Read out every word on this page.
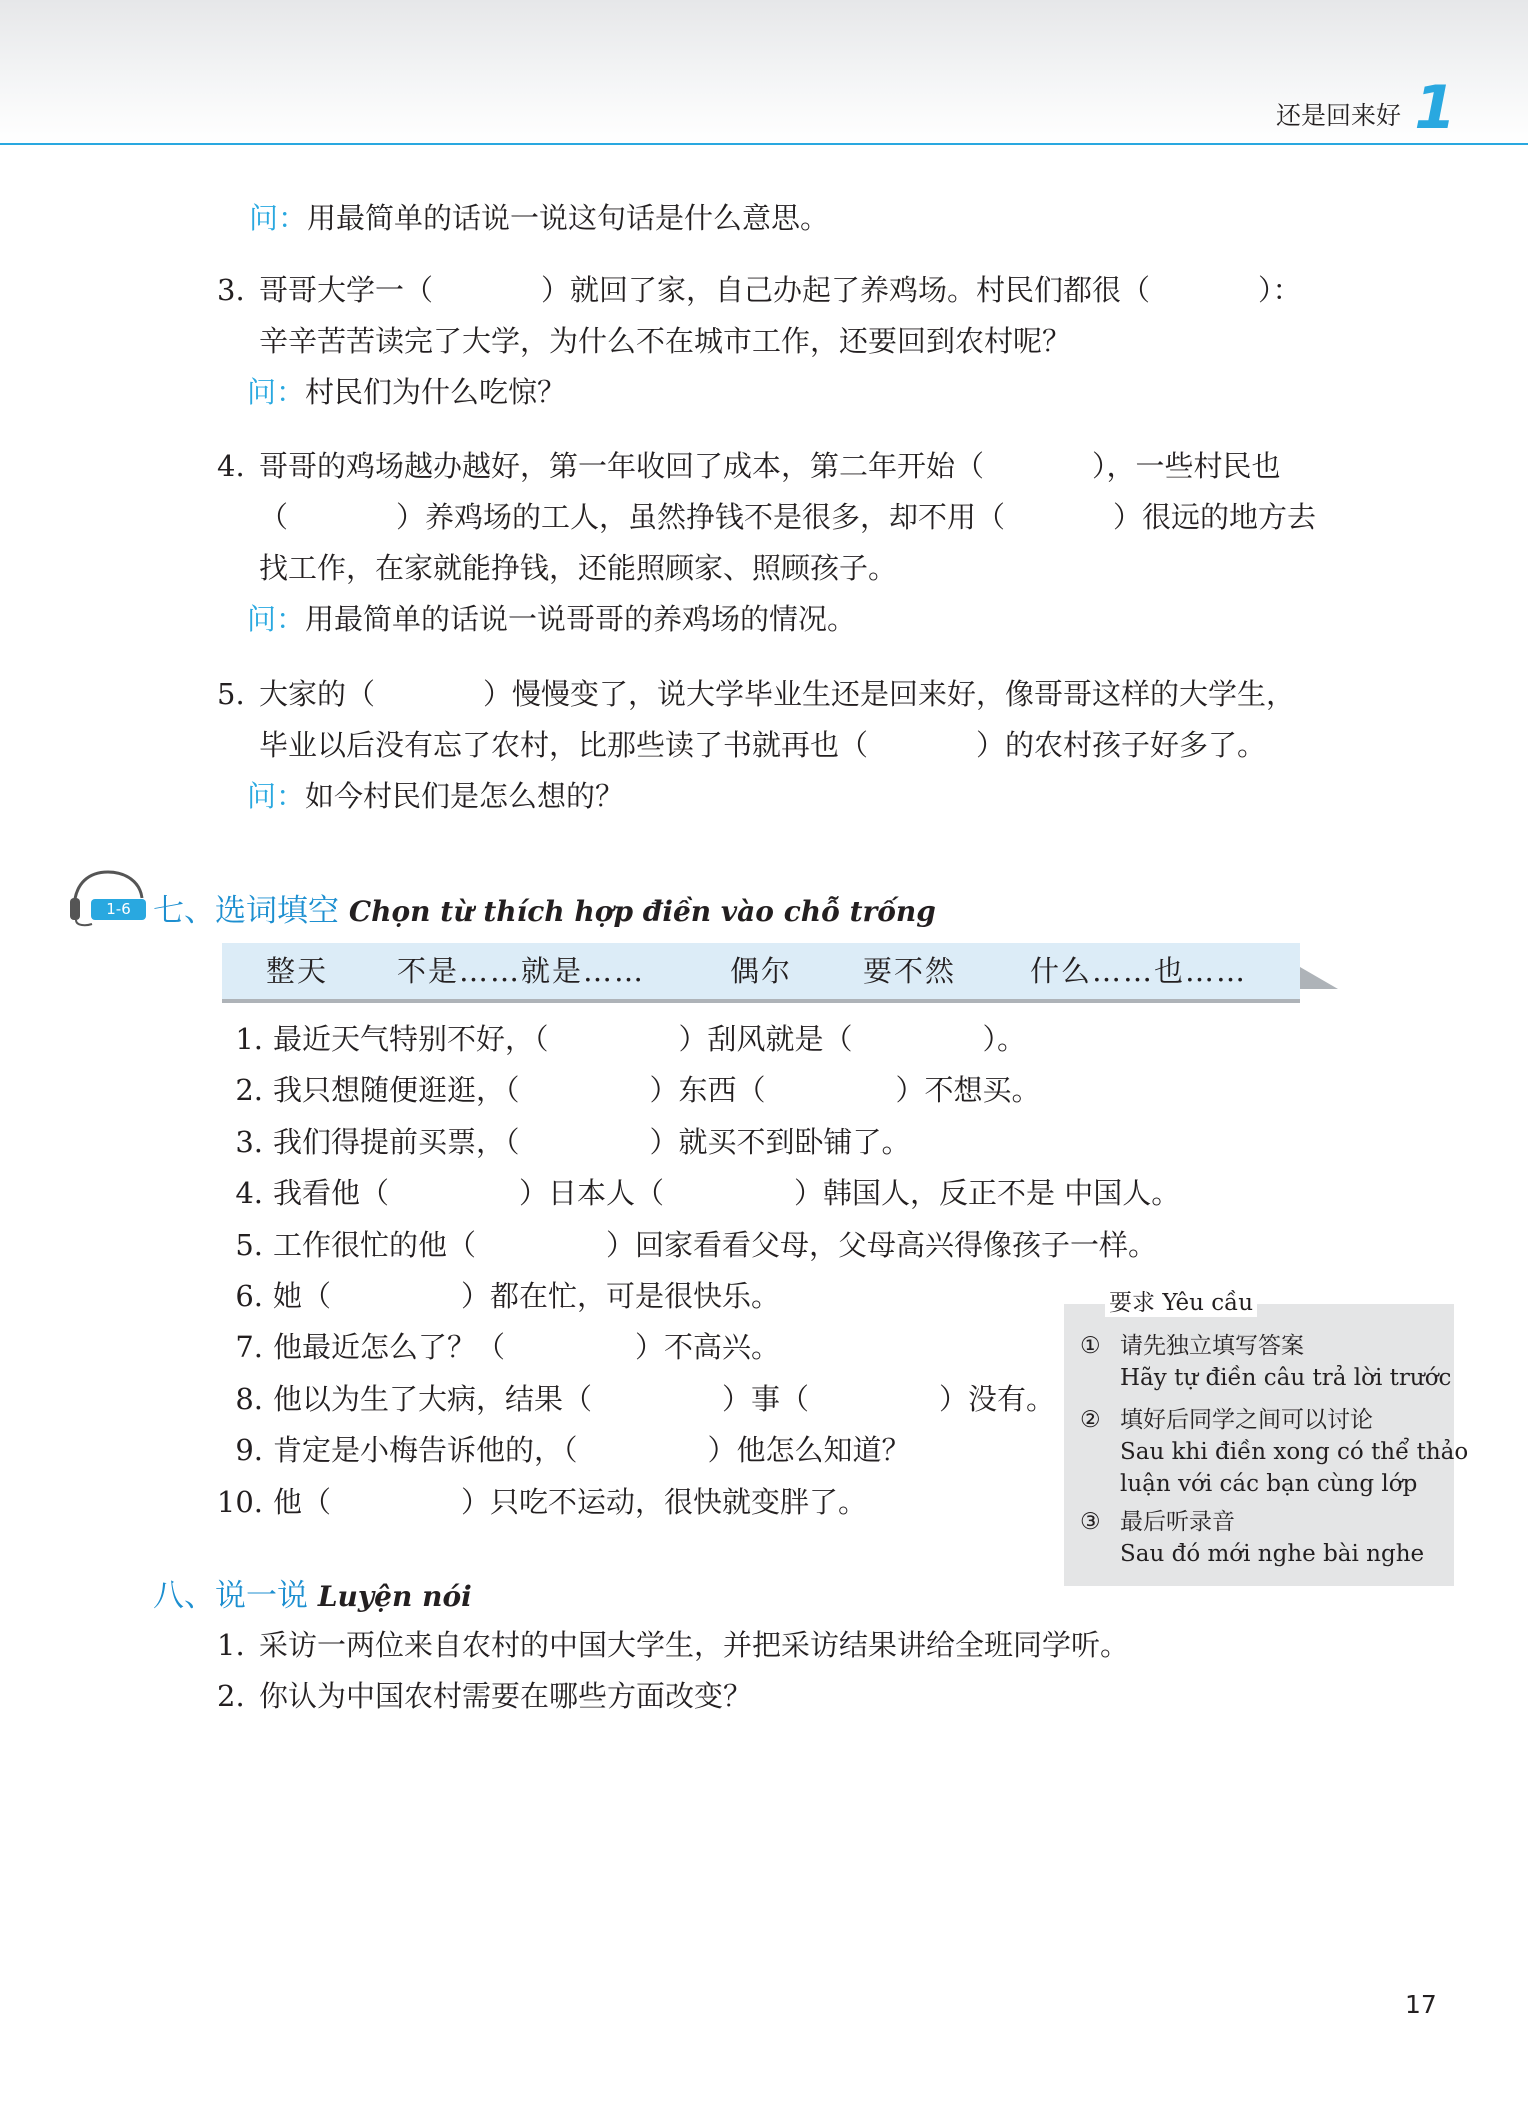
还是回来好 1
问：用最简单的话说一说这句话是什么意思。
3. 哥哥大学一（	）就回了家，自己办起了养鸡场。村民们都很（	）：
辛辛苦苦读完了大学，为什么不在城市工作，还要回到农村呢？
问：村民们为什么吃惊？
4. 哥哥的鸡场越办越好，第一年收回了成本，第二年开始（	），一些村民也
（	）养鸡场的工人，虽然挣钱不是很多，却不用（	）很远的地方去
找工作，在家就能挣钱，还能照顾家、照顾孩子。
问：用最简单的话说一说哥哥的养鸡场的情况。
5. 大家的（	）慢慢变了，说大学毕业生还是回来好，像哥哥这样的大学生，
毕业以后没有忘了农村，比那些读了书就再也（	）的农村孩子好多了。
问：如今村民们是怎么想的？
1-6 七、选词填空 Chọn từ thích hợp điền vào chỗ trống
整天 不是……就是……	偶尔 要不然	什么……也……
1. 最近天气特别不好，（	）刮风就是（	）。
2. 我只想随便逛逛，（	）东西（	）不想买。
3. 我们得提前买票，（	）就买不到卧铺了。
4. 我看他（	）日本人（	）韩国人，反正不是 中国人。
5. 工作很忙的他（	）回家看看父母，父母高兴得像孩子一样。
6. 她（	）都在忙，可是很快乐。
7. 他最近怎么了？（	）不高兴。
8. 他以为生了大病，结果（	）事（	）没有。
9. 肯定是小梅告诉他的，（	）他怎么知道？
10. 他（	）只吃不运动，很快就变胖了。
要求 Yêu cầu
① 请先独立填写答案
Hãy tự điền câu trả lời trước
② 填好后同学之间可以讨论
Sau khi điền xong có thể thảo
luận với các bạn cùng lớp
③ 最后听录音
Sau đó mới nghe bài nghe
八、说一说 Luyện nói
1. 采访一两位来自农村的中国大学生，并把采访结果讲给全班同学听。
2. 你认为中国农村需要在哪些方面改变？
17
